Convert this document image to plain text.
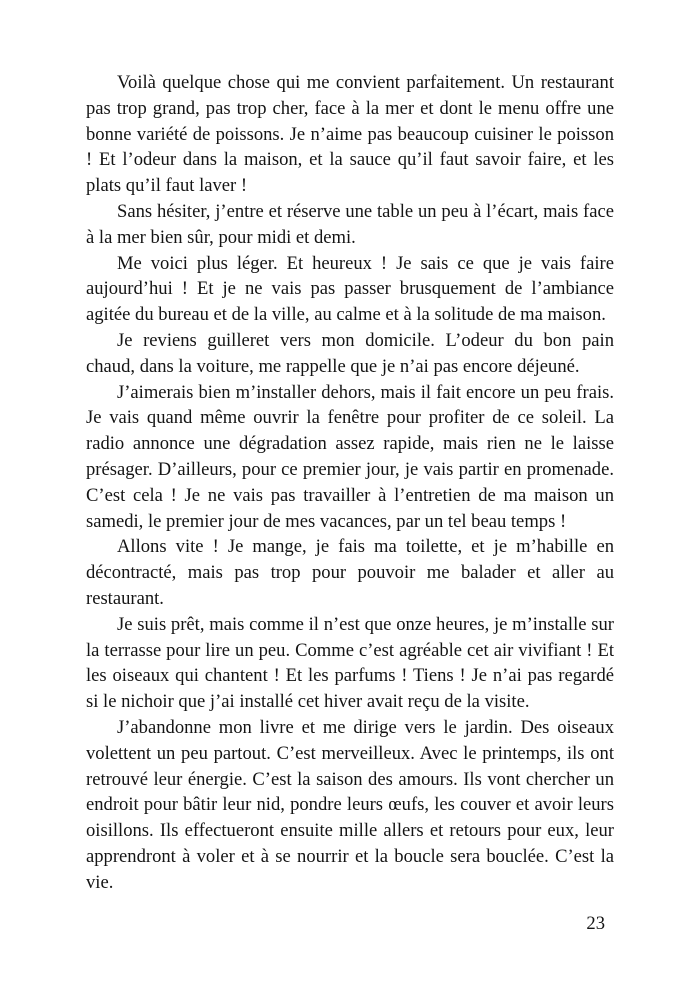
Voilà quelque chose qui me convient parfaitement. Un restaurant pas trop grand, pas trop cher, face à la mer et dont le menu offre une bonne variété de poissons. Je n’aime pas beaucoup cuisiner le poisson ! Et l’odeur dans la maison, et la sauce qu’il faut savoir faire, et les plats qu’il faut laver !

Sans hésiter, j’entre et réserve une table un peu à l’écart, mais face à la mer bien sûr, pour midi et demi.

Me voici plus léger. Et heureux ! Je sais ce que je vais faire aujourd’hui ! Et je ne vais pas passer brusquement de l’ambiance agitée du bureau et de la ville, au calme et à la solitude de ma maison.

Je reviens guilleret vers mon domicile. L’odeur du bon pain chaud, dans la voiture, me rappelle que je n’ai pas encore déjeuné.

J’aimerais bien m’installer dehors, mais il fait encore un peu frais. Je vais quand même ouvrir la fenêtre pour profiter de ce soleil. La radio annonce une dégradation assez rapide, mais rien ne le laisse présager. D’ailleurs, pour ce premier jour, je vais partir en promenade. C’est cela ! Je ne vais pas travailler à l’entretien de ma maison un samedi, le premier jour de mes vacances, par un tel beau temps !

Allons vite ! Je mange, je fais ma toilette, et je m’habille en décontracté, mais pas trop pour pouvoir me balader et aller au restaurant.

Je suis prêt, mais comme il n’est que onze heures, je m’installe sur la terrasse pour lire un peu. Comme c’est agréable cet air vivifiant ! Et les oiseaux qui chantent ! Et les parfums ! Tiens ! Je n’ai pas regardé si le nichoir que j’ai installé cet hiver avait reçu de la visite.

J’abandonne mon livre et me dirige vers le jardin. Des oiseaux volettent un peu partout. C’est merveilleux. Avec le printemps, ils ont retrouvé leur énergie. C’est la saison des amours. Ils vont chercher un endroit pour bâtir leur nid, pondre leurs œufs, les couver et avoir leurs oisillons. Ils effectueront ensuite mille allers et retours pour eux, leur apprendront à voler et à se nourrir et la boucle sera bouclée. C’est la vie.

23
